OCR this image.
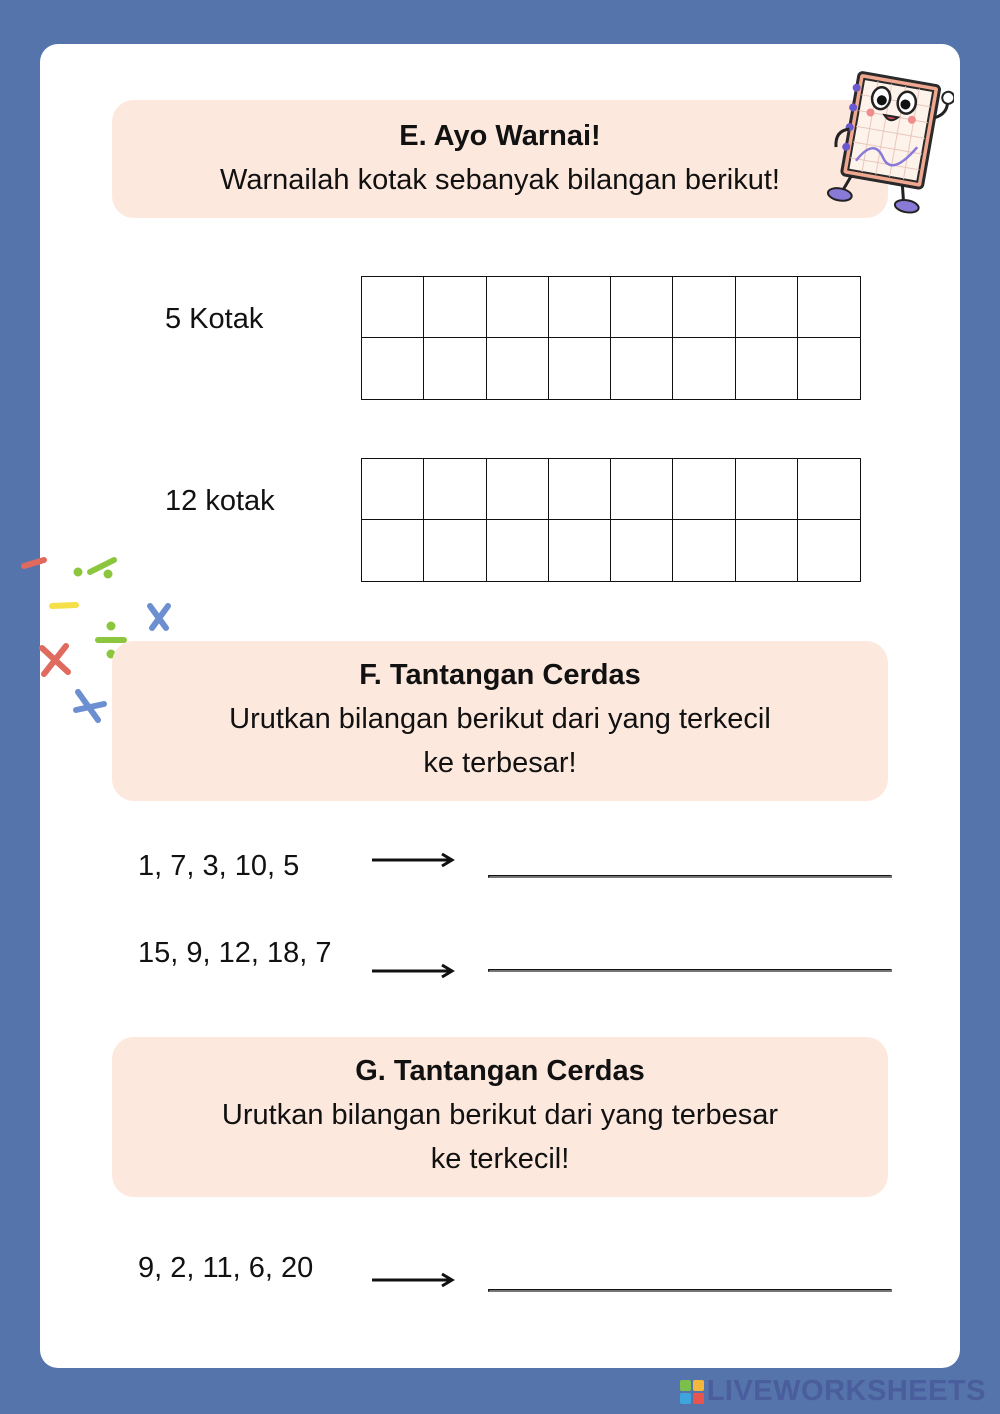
E. Ayo Warnai!
Warnailah kotak sebanyak bilangan berikut!
5 Kotak
12 kotak
F. Tantangan Cerdas
Urutkan bilangan berikut dari yang terkecil
ke terbesar!
1, 7, 3, 10, 5
15, 9, 12, 18, 7
G. Tantangan Cerdas
Urutkan bilangan berikut dari yang terbesar
ke terkecil!
9, 2, 11, 6, 20
LIVEWORKSHEETS
